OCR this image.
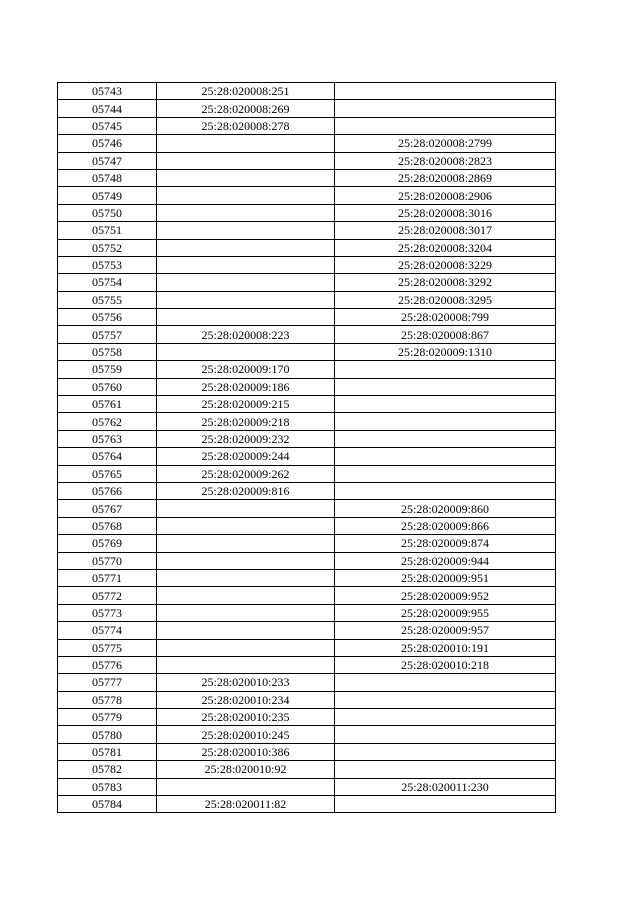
05743	25:28:020008:251	
05744	25:28:020008:269	
05745	25:28:020008:278	
05746		25:28:020008:2799
05747		25:28:020008:2823
05748		25:28:020008:2869
05749		25:28:020008:2906
05750		25:28:020008:3016
05751		25:28:020008:3017
05752		25:28:020008:3204
05753		25:28:020008:3229
05754		25:28:020008:3292
05755		25:28:020008:3295
05756		25:28:020008:799
05757	25:28:020008:223	25:28:020008:867
05758		25:28:020009:1310
05759	25:28:020009:170	
05760	25:28:020009:186	
05761	25:28:020009:215	
05762	25:28:020009:218	
05763	25:28:020009:232	
05764	25:28:020009:244	
05765	25:28:020009:262	
05766	25:28:020009:816	
05767		25:28:020009:860
05768		25:28:020009:866
05769		25:28:020009:874
05770		25:28:020009:944
05771		25:28:020009:951
05772		25:28:020009:952
05773		25:28:020009:955
05774		25:28:020009:957
05775		25:28:020010:191
05776		25:28:020010:218
05777	25:28:020010:233	
05778	25:28:020010:234	
05779	25:28:020010:235	
05780	25:28:020010:245	
05781	25:28:020010:386	
05782	25:28:020010:92	
05783		25:28:020011:230
05784	25:28:020011:82	
